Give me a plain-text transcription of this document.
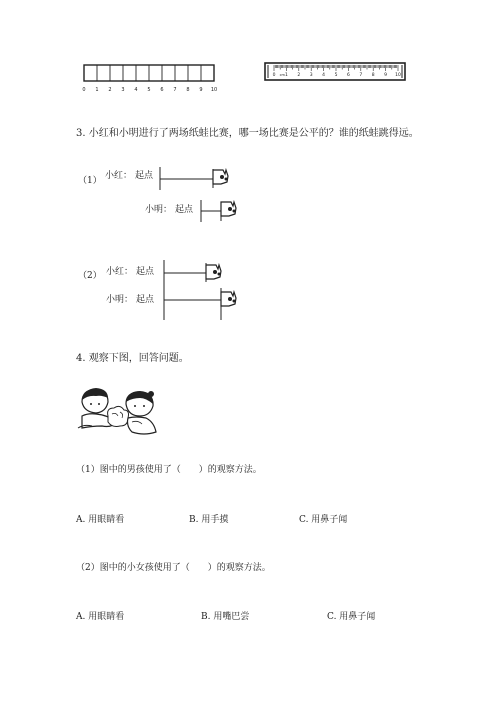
0 1 2 3 4 5 6 7 8 9 10
0 1 2 3 4 5 6 7 8 9 10
cm
3. 小红和小明进行了两场纸蛙比赛，哪一场比赛是公平的？谁的纸蛙跳得远。
（1） 小红： 起点
小明： 起点
（2） 小红： 起点
小明： 起点
4. 观察下图，回答问题。
（1）图中的男孩使用了（　　）的观察方法。
A. 用眼睛看	B. 用手摸	C. 用鼻子闻
（2）图中的小女孩使用了（　　）的观察方法。
A. 用眼睛看	B. 用嘴巴尝	C. 用鼻子闻
